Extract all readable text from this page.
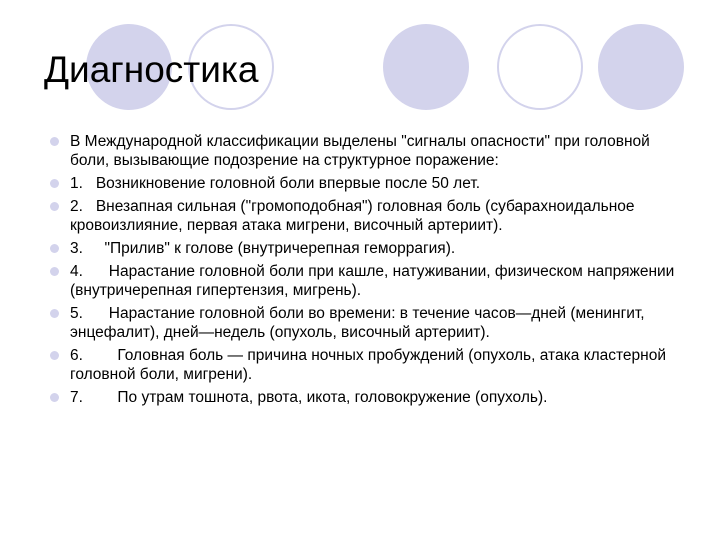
Диагностика
В Международной классификации выделены "сигналы опасности" при головной боли, вызывающие подозрение на структурное поражение:
1.   Возникновение головной боли впервые после 50 лет.
2.   Внезапная сильная ("громоподобная") головная боль (субарахноидальное кровоизлияние, первая атака мигрени, височный артериит).
3.     "Прилив" к голове (внутричерепная геморрагия).
4.      Нарастание головной боли при кашле, натуживании, физическом напряжении (внутричерепная гипертензия, мигрень).
5.      Нарастание головной боли во времени: в течение часов—дней (менингит, энцефалит), дней—недель (опухоль, височный артериит).
6.        Головная боль — причина ночных пробуждений (опухоль, атака кластерной головной боли, мигрени).
7.        По утрам тошнота, рвота, икота, головокружение (опухоль).
